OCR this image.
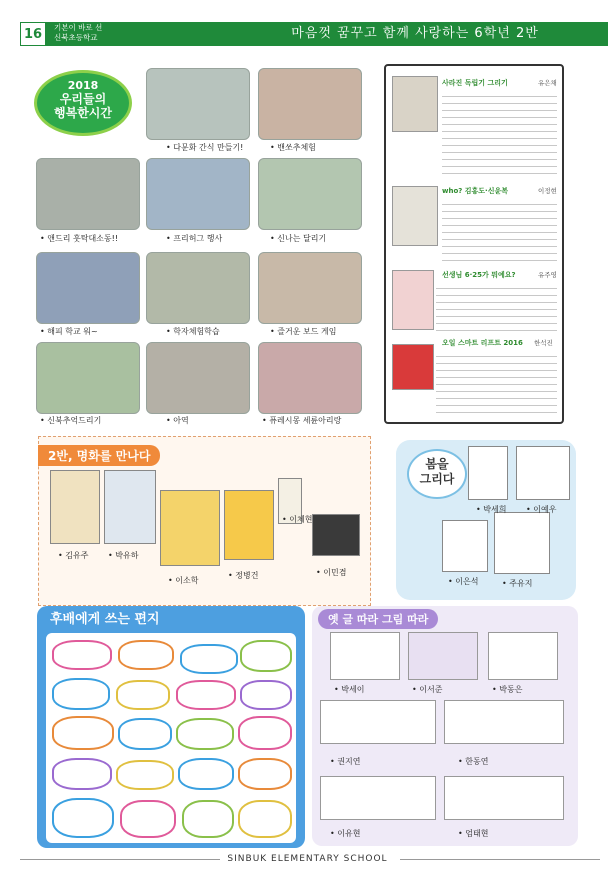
16	기본이 바로 선
신북초등학교	마음껏 꿈꾸고 함께 사랑하는 6학년 2반
2018
우리들의
행복한시간
• 다문화 간식 만들기!	• 밴쏘추체험
• 앤드리 훗탁대소동!!	• 프리허그 행사	• 신나는 달리기
• 해피 학교 워~	• 학자체험학습	• 즐거운 보드 게임
• 신북추억드리기	• 아역	• 퓨레시몽 세륜아리랑
사라진 독립기 그리기	유은채
who? 김홍도·신윤복	이정현
선생님 6·25가 뭐예요?	유주영
오일 스마트 리프트 2016 한석진
2반, 명화를 만나다
• 김유주 • 박유하
• 이소학
• 정병건
• 이체현
• 이민겸
봄을
그리다
• 박세희 • 이예우
• 이은석	• 주유지
후배에게 쓰는 편지	옛 글 따라 그림 따라
• 박세이	• 이서준	• 박동은
• 권지연	• 한동연
• 이유현	• 엄태현
SINBUK ELEMENTARY SCHOOL
